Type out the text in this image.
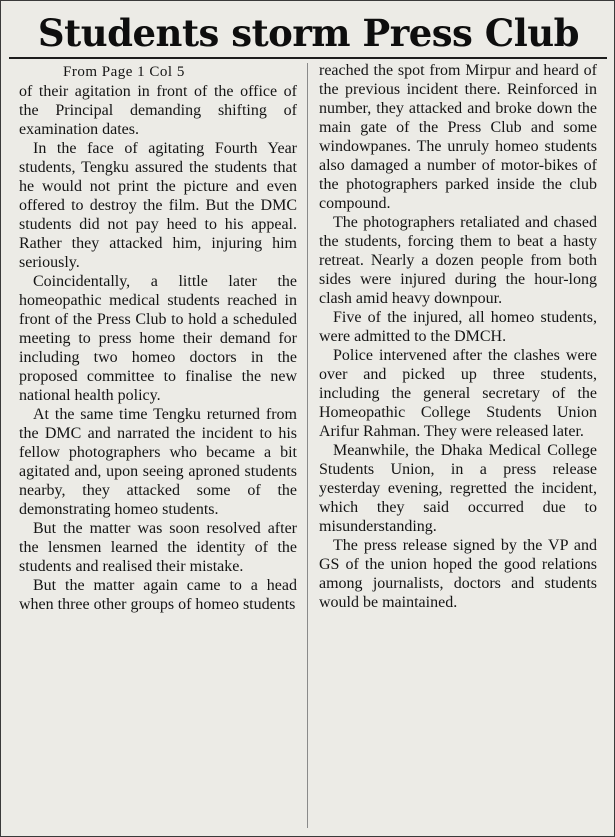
Students storm Press Club
From Page 1 Col 5

of their agitation in front of the office of the Principal demanding shifting of examination dates.

In the face of agitating Fourth Year students, Tengku assured the students that he would not print the picture and even offered to destroy the film. But the DMC students did not pay heed to his appeal. Rather they attacked him, injuring him seriously.

Coincidentally, a little later the homeopathic medical students reached in front of the Press Club to hold a scheduled meeting to press home their demand for including two homeo doctors in the proposed committee to finalise the new national health policy.

At the same time Tengku returned from the DMC and narrated the incident to his fellow photographers who became a bit agitated and, upon seeing aproned students nearby, they attacked some of the demonstrating homeo students.

But the matter was soon resolved after the lensmen learned the identity of the students and realised their mistake.

But the matter again came to a head when three other groups of homeo students

reached the spot from Mirpur and heard of the previous incident there. Reinforced in number, they attacked and broke down the main gate of the Press Club and some windowpanes. The unruly homeo students also damaged a number of motor-bikes of the photographers parked inside the club compound.

The photographers retaliated and chased the students, forcing them to beat a hasty retreat. Nearly a dozen people from both sides were injured during the hour-long clash amid heavy downpour.

Five of the injured, all homeo students, were admitted to the DMCH.

Police intervened after the clashes were over and picked up three students, including the general secretary of the Homeopathic College Students Union Arifur Rahman. They were released later.

Meanwhile, the Dhaka Medical College Students Union, in a press release yesterday evening, regretted the incident, which they said occurred due to misunderstanding.

The press release signed by the VP and GS of the union hoped the good relations among journalists, doctors and students would be maintained.
